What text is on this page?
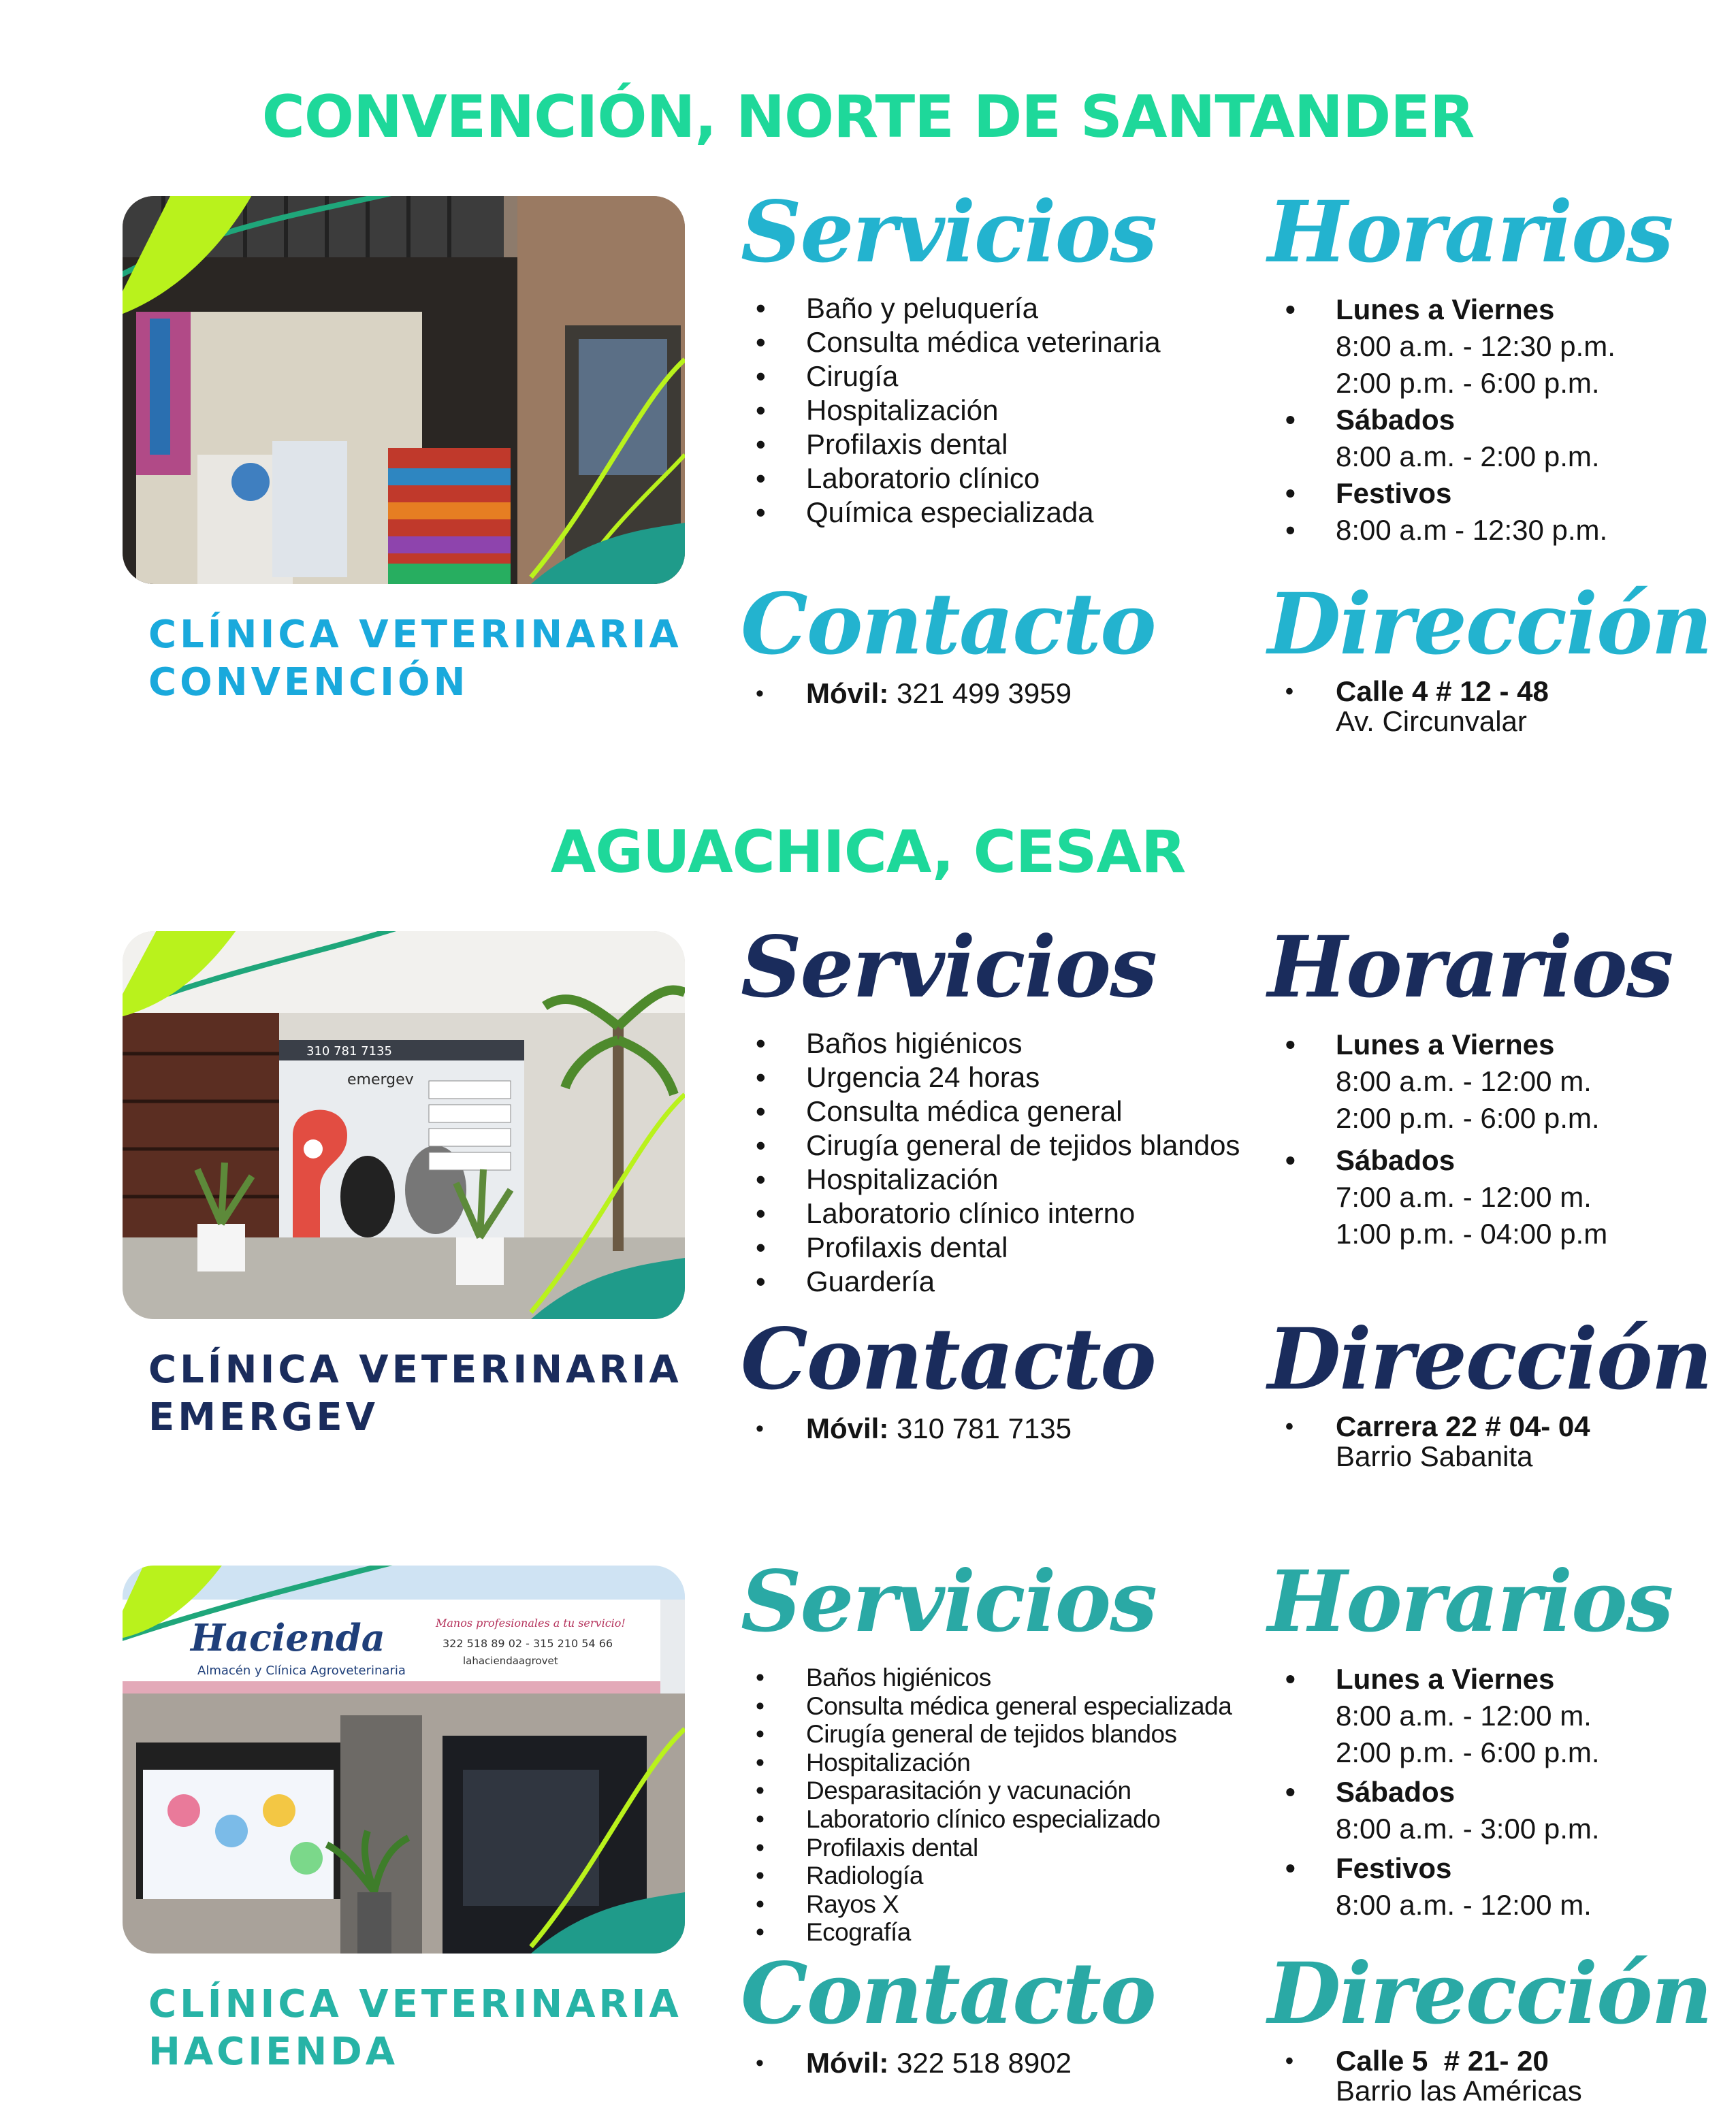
CONVENCIÓN, NORTE DE SANTANDER
CLÍNICA VETERINARIA
CONVENCIÓN
Servicios
• Baño y peluquería
• Consulta médica veterinaria
• Cirugía
• Hospitalización
• Profilaxis dental
• Laboratorio clínico
• Química especializada
Horarios
• Lunes a Viernes
8:00 a.m. - 12:30 p.m.
2:00 p.m. - 6:00 p.m.
• Sábados
8:00 a.m. - 2:00 p.m.
• Festivos
• 8:00 a.m - 12:30 p.m.
Contacto
• Móvil: 321 499 3959
Dirección
• Calle 4 # 12 - 48
Av. Circunvalar
AGUACHICA, CESAR
310 781 7135
emergev
CLÍNICA VETERINARIA
EMERGEV
Servicios
• Baños higiénicos
• Urgencia 24 horas
• Consulta médica general
• Cirugía general de tejidos blandos
• Hospitalización
• Laboratorio clínico interno
• Profilaxis dental
• Guardería
Horarios
• Lunes a Viernes
8:00 a.m. - 12:00 m.
2:00 p.m. - 6:00 p.m.
• Sábados
7:00 a.m. - 12:00 m.
1:00 p.m. - 04:00 p.m
Contacto
• Móvil: 310 781 7135
Dirección
• Carrera 22 # 04- 04
Barrio Sabanita
Hacienda
Almacén y Clínica Agroveterinaria
Manos profesionales a tu servicio!
322 518 89 02 - 315 210 54 66
lahaciendaagrovet
CLÍNICA VETERINARIA
HACIENDA
Servicios
• Baños higiénicos
• Consulta médica general especializada
• Cirugía general de tejidos blandos
• Hospitalización
• Desparasitación y vacunación
• Laboratorio clínico especializado
• Profilaxis dental
• Radiología
• Rayos X
• Ecografía
Horarios
• Lunes a Viernes
8:00 a.m. - 12:00 m.
2:00 p.m. - 6:00 p.m.
• Sábados
8:00 a.m. - 3:00 p.m.
• Festivos
8:00 a.m. - 12:00 m.
Contacto
• Móvil: 322 518 8902
Dirección
• Calle 5  # 21- 20
Barrio las Américas
